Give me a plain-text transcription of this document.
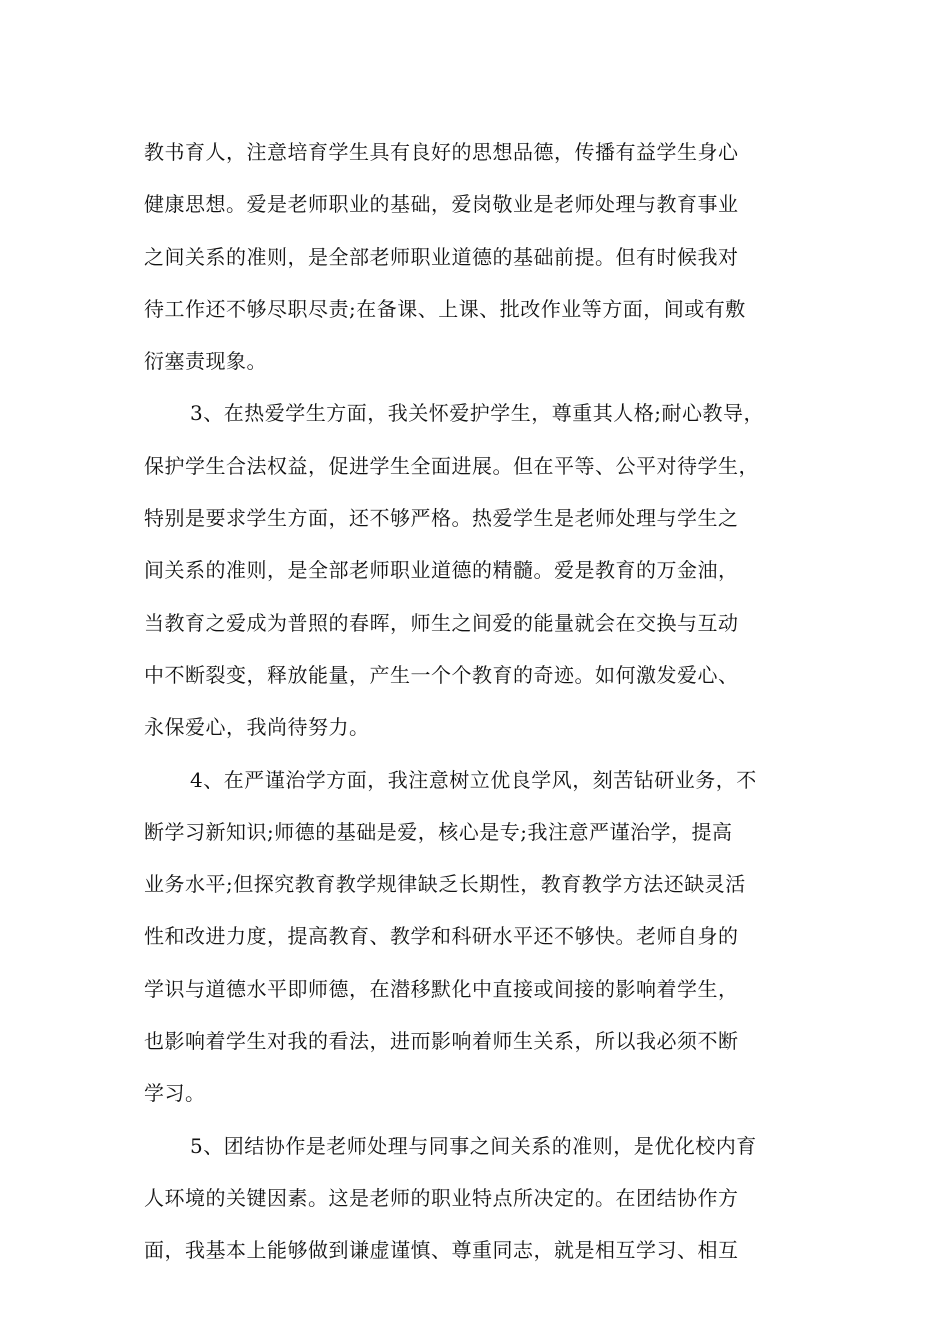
教书育人，注意培育学生具有良好的思想品德，传播有益学生身心
健康思想。爱是老师职业的基础，爱岗敬业是老师处理与教育事业
之间关系的准则，是全部老师职业道德的基础前提。但有时候我对
待工作还不够尽职尽责;在备课、上课、批改作业等方面，间或有敷
衍塞责现象。
3、在热爱学生方面，我关怀爱护学生，尊重其人格;耐心教导，
保护学生合法权益，促进学生全面进展。但在平等、公平对待学生，
特别是要求学生方面，还不够严格。热爱学生是老师处理与学生之
间关系的准则，是全部老师职业道德的精髓。爱是教育的万金油，
当教育之爱成为普照的春晖，师生之间爱的能量就会在交换与互动
中不断裂变，释放能量，产生一个个教育的奇迹。如何激发爱心、
永保爱心，我尚待努力。
4、在严谨治学方面，我注意树立优良学风，刻苦钻研业务，不
断学习新知识;师德的基础是爱，核心是专;我注意严谨治学，提高
业务水平;但探究教育教学规律缺乏长期性，教育教学方法还缺灵活
性和改进力度，提高教育、教学和科研水平还不够快。老师自身的
学识与道德水平即师德，在潜移默化中直接或间接的影响着学生，
也影响着学生对我的看法，进而影响着师生关系，所以我必须不断
学习。
5、团结协作是老师处理与同事之间关系的准则，是优化校内育
人环境的关键因素。这是老师的职业特点所决定的。在团结协作方
面，我基本上能够做到谦虚谨慎、尊重同志，就是相互学习、相互
